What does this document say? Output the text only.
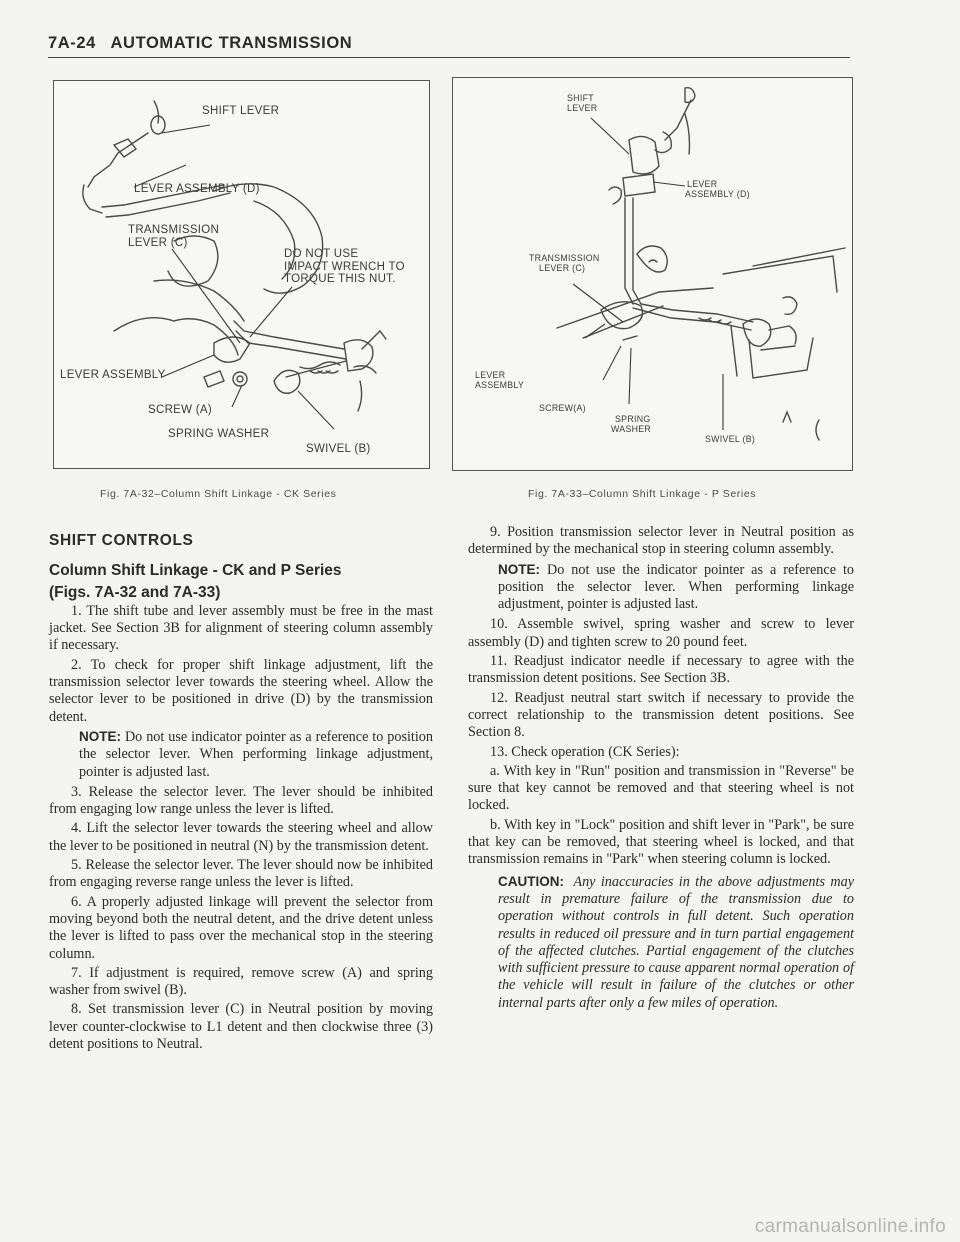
7A-24 AUTOMATIC TRANSMISSION
SHIFT LEVER
LEVER ASSEMBLY (D)
TRANSMISSION
LEVER (C)
DO NOT USE
IMPACT WRENCH TO
TORQUE THIS NUT.
LEVER ASSEMBLY
SCREW (A)
SPRING WASHER
SWIVEL (B)
Fig. 7A-32–Column Shift Linkage - CK Series
SHIFT
LEVER
LEVER
ASSEMBLY (D)
TRANSMISSION
LEVER (C)
LEVER
ASSEMBLY
SCREW(A)
SPRING
WASHER
SWIVEL (B)
Fig. 7A-33–Column Shift Linkage - P Series
SHIFT CONTROLS
Column Shift Linkage - CK and P Series
(Figs. 7A-32 and 7A-33)

1. The shift tube and lever assembly must be free in the mast jacket. See Section 3B for alignment of steering column assembly if necessary.

2. To check for proper shift linkage adjustment, lift the transmission selector lever towards the steering wheel. Allow the selector lever to be positioned in drive (D) by the transmission detent.

NOTE: Do not use indicator pointer as a reference to position the selector lever. When performing linkage adjustment, pointer is adjusted last.

3. Release the selector lever. The lever should be inhibited from engaging low range unless the lever is lifted.

4. Lift the selector lever towards the steering wheel and allow the lever to be positioned in neutral (N) by the transmission detent.

5. Release the selector lever. The lever should now be inhibited from engaging reverse range unless the lever is lifted.

6. A properly adjusted linkage will prevent the selector from moving beyond both the neutral detent, and the drive detent unless the lever is lifted to pass over the mechanical stop in the steering column.

7. If adjustment is required, remove screw (A) and spring washer from swivel (B).

8. Set transmission lever (C) in Neutral position by moving lever counter-clockwise to L1 detent and then clockwise three (3) detent positions to Neutral.

9. Position transmission selector lever in Neutral position as determined by the mechanical stop in steering column assembly.

NOTE: Do not use the indicator pointer as a reference to position the selector lever. When performing linkage adjustment, pointer is adjusted last.

10. Assemble swivel, spring washer and screw to lever assembly (D) and tighten screw to 20 pound feet.

11. Readjust indicator needle if necessary to agree with the transmission detent positions. See Section 3B.

12. Readjust neutral start switch if necessary to provide the correct relationship to the transmission detent positions. See Section 8.

13. Check operation (CK Series):

a. With key in "Run" position and transmission in "Reverse" be sure that key cannot be removed and that steering wheel is not locked.

b. With key in "Lock" position and shift lever in "Park", be sure that key can be removed, that steering wheel is locked, and that transmission remains in "Park" when steering column is locked.

CAUTION: Any inaccuracies in the above adjustments may result in premature failure of the transmission due to operation without controls in full detent. Such operation results in reduced oil pressure and in turn partial engagement of the affected clutches. Partial engagement of the clutches with sufficient pressure to cause apparent normal operation of the vehicle will result in failure of the clutches or other internal parts after only a few miles of operation.
carmanualsonline.info
